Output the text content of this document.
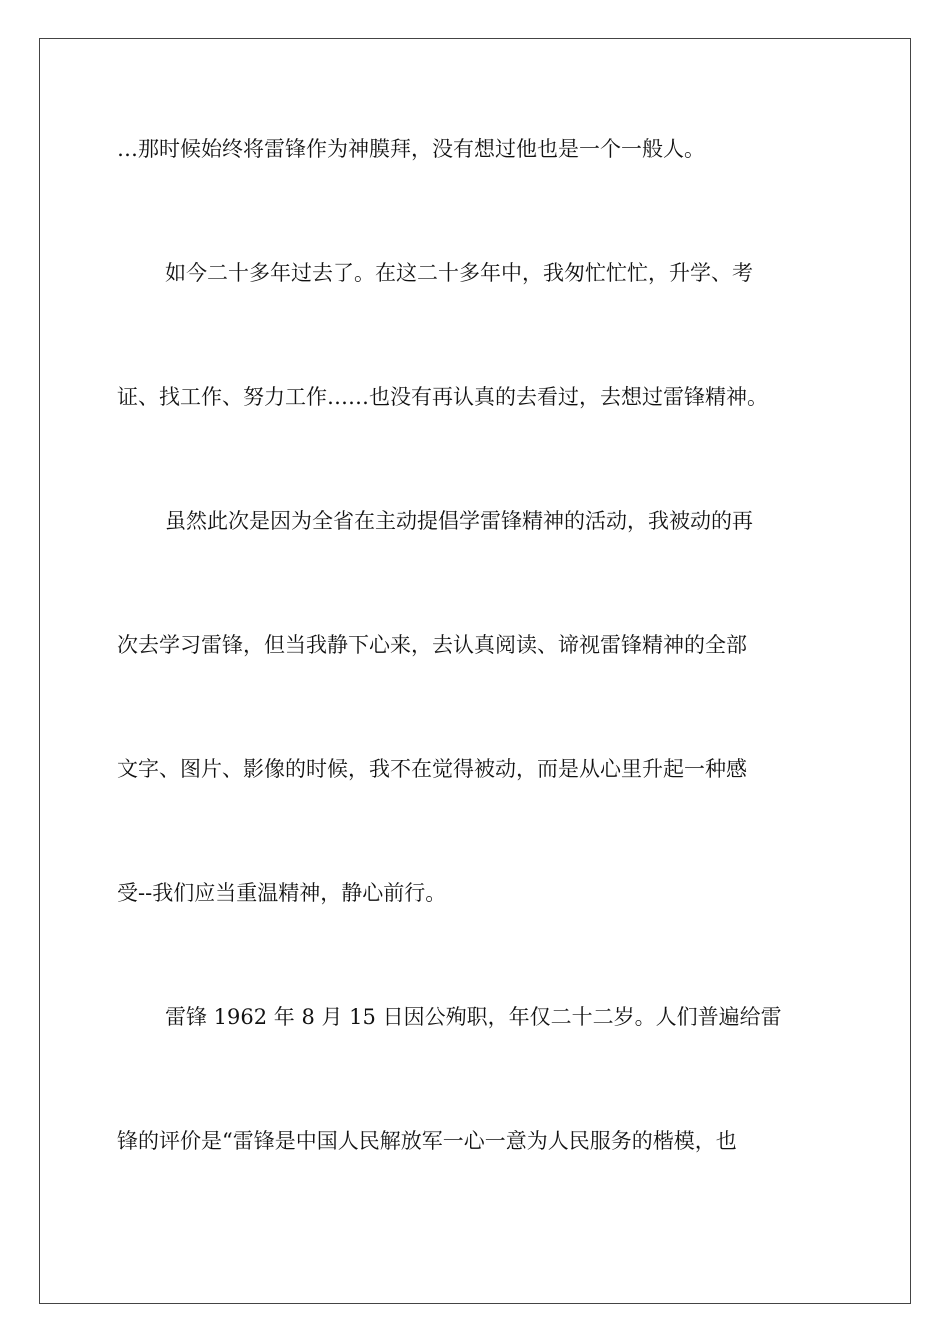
…那时候始终将雷锋作为神膜拜，没有想过他也是一个一般人。
如今二十多年过去了。在这二十多年中，我匆忙忙忙，升学、考
证、找工作、努力工作……也没有再认真的去看过，去想过雷锋精神。
虽然此次是因为全省在主动提倡学雷锋精神的活动，我被动的再
次去学习雷锋，但当我静下心来，去认真阅读、谛视雷锋精神的全部
文字、图片、影像的时候，我不在觉得被动，而是从心里升起一种感
受--我们应当重温精神，静心前行。
雷锋 1962 年 8 月 15 日因公殉职，年仅二十二岁。人们普遍给雷
锋的评价是“雷锋是中国人民解放军一心一意为人民服务的楷模，也
